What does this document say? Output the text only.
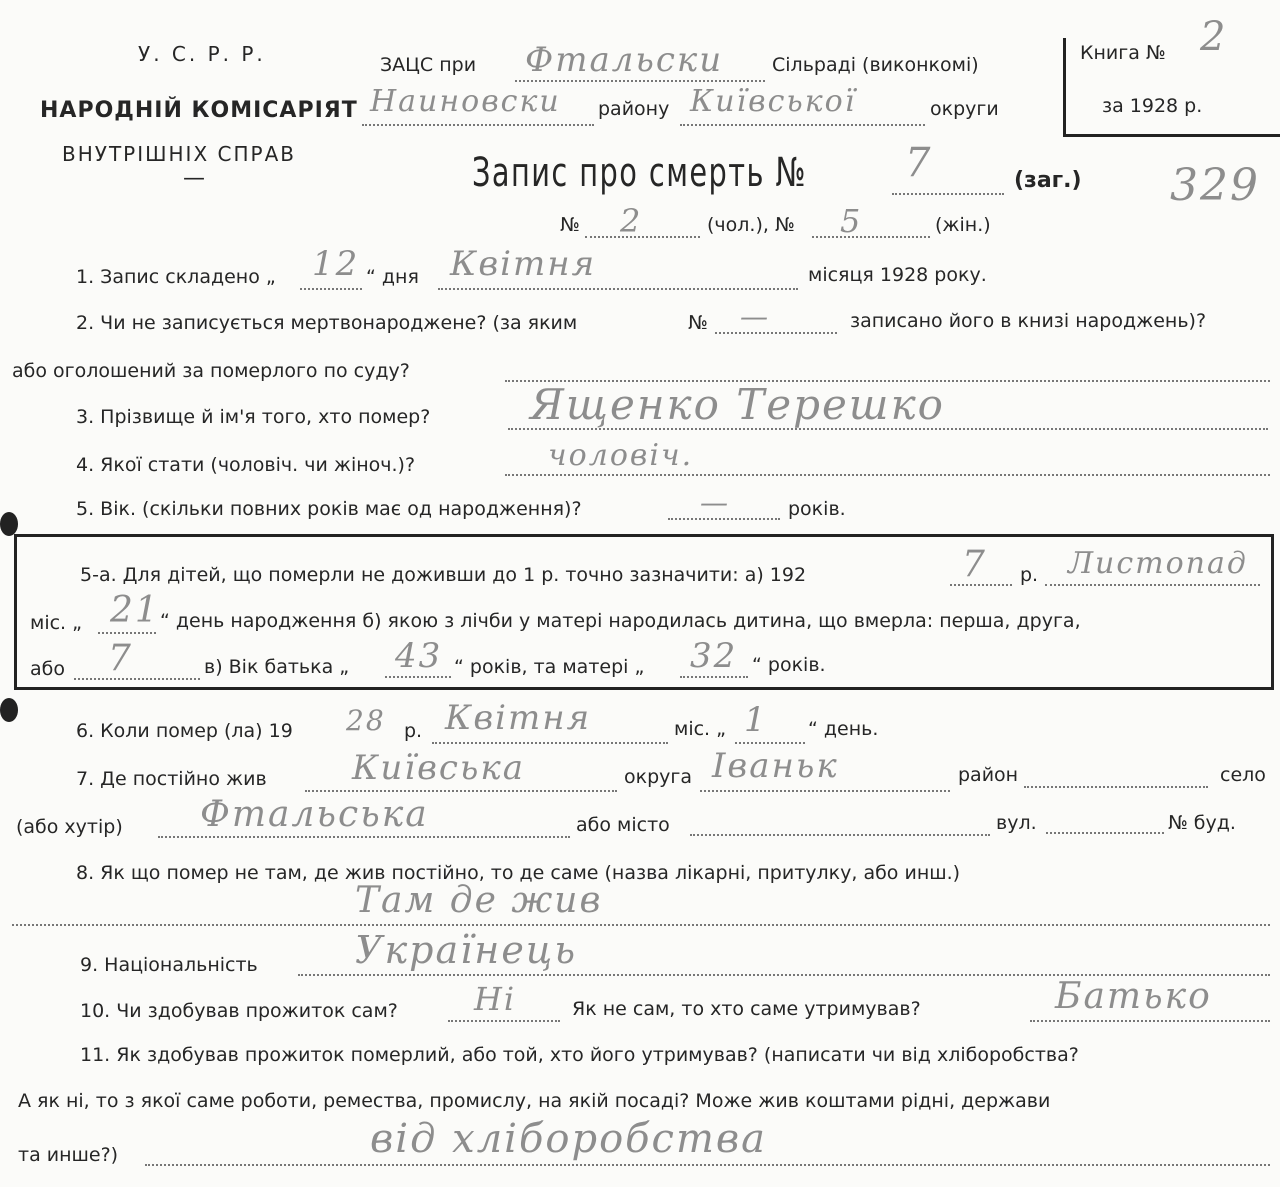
У. С. Р. Р.
НАРОДНІЙ КОМІСАРІЯТ
ВНУТРІШНІХ СПРАВ
—
ЗАЦС при Фтальски	Сільраді (виконкомі)
Наиновски району Київської	округи
Книга № 2
за 1928 р.
329
Запис про смерть №	7	(заг.)
№ 2	(чол.), № 5	(жін.)
1. Запис складено „ 12 “ дня Квітня	місяця 1928 року.
2. Чи не записується мертвонароджене? (за яким	№ —	записано його в книзі народжень)?
або оголошений за померлого по суду?
3. Прізвище й ім'я того, хто помер? Ященко Терешко
4. Якої стати (чоловіч. чи жіноч.)?	чоловіч.
5. Вік. (скільки повних років має од народження)?	—	років.
5-а. Для дітей, що померли не доживши до 1 р. точно зазначити: а) 192	7 р. Листопад
міс. „ 21 “ день народження б) якою з лічби у матері народилась дитина, що вмерла: перша, друга,
або 7	в) Вік батька „ 43 “ років, та матері „ 32 “ років.
6. Коли помер (ла) 19 28 р. Квітня	міс. „ 1 “ день.
7. Де постійно жив	Київська	округа Іваньк	район	село
(або хутір) Фтальська	або місто	вул.	№ буд.
8. Як що помер не там, де жив постійно, то де саме (назва лікарні, притулку, або инш.)
Там де жив
9. Національність	Українець
10. Чи здобував прожиток сам? Ні	Як не сам, то хто саме утримував?	Батько
11. Як здобував прожиток померлий, або той, хто його утримував? (написати чи від хліборобства?
А як ні, то з якої саме роботи, ремества, промислу, на якій посаді? Може жив коштами рідні, держави
та инше?)	від хліборобства
